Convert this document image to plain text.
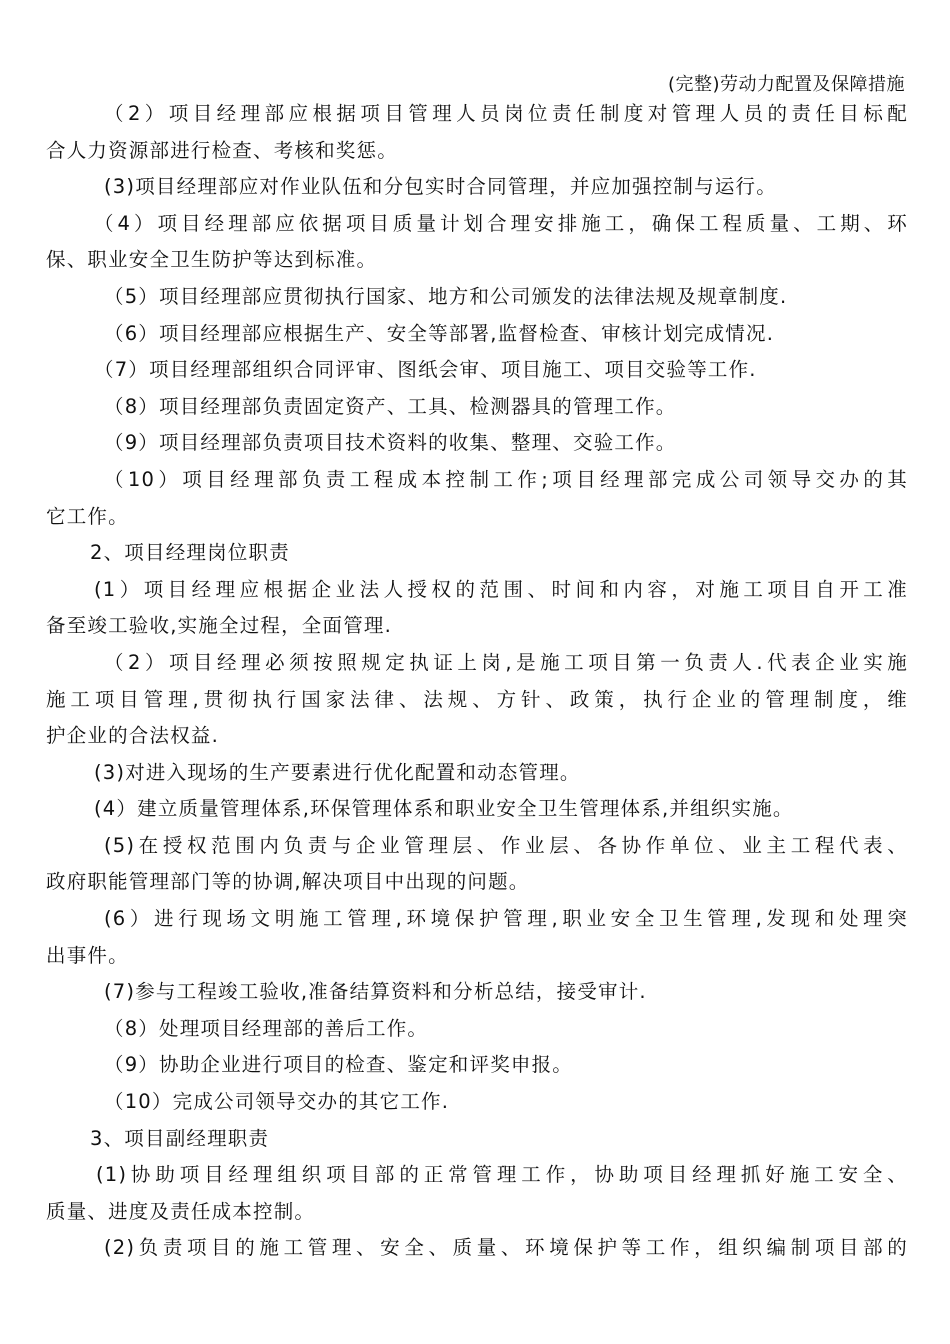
(完整)劳动力配置及保障措施
（2）项目经理部应根据项目管理人员岗位责任制度对管理人员的责任目标配
合人力资源部进行检查、考核和奖惩。
(3)项目经理部应对作业队伍和分包实时合同管理，并应加强控制与运行。
（4）项目经理部应依据项目质量计划合理安排施工，确保工程质量、工期、环
保、职业安全卫生防护等达到标准。
（5）项目经理部应贯彻执行国家、地方和公司颁发的法律法规及规章制度.
（6）项目经理部应根据生产、安全等部署,监督检查、审核计划完成情况.
（7）项目经理部组织合同评审、图纸会审、项目施工、项目交验等工作.
（8）项目经理部负责固定资产、工具、检测器具的管理工作。
（9）项目经理部负责项目技术资料的收集、整理、交验工作。
（10）项目经理部负责工程成本控制工作;项目经理部完成公司领导交办的其
它工作。
2、项目经理岗位职责
(1）项目经理应根据企业法人授权的范围、时间和内容，对施工项目自开工准
备至竣工验收,实施全过程，全面管理.
（2）项目经理必须按照规定执证上岗,是施工项目第一负责人.代表企业实施
施工项目管理,贯彻执行国家法律、法规、方针、政策，执行企业的管理制度，维
护企业的合法权益.
(3)对进入现场的生产要素进行优化配置和动态管理。
(4）建立质量管理体系,环保管理体系和职业安全卫生管理体系,并组织实施。
(5)在授权范围内负责与企业管理层、作业层、各协作单位、业主工程代表、
政府职能管理部门等的协调,解决项目中出现的问题。
(6）进行现场文明施工管理,环境保护管理,职业安全卫生管理,发现和处理突
出事件。
(7)参与工程竣工验收,准备结算资料和分析总结，接受审计.
（8）处理项目经理部的善后工作。
（9）协助企业进行项目的检查、鉴定和评奖申报。
（10）完成公司领导交办的其它工作.
3、项目副经理职责
(1)协助项目经理组织项目部的正常管理工作，协助项目经理抓好施工安全、
质量、进度及责任成本控制。
(2)负责项目的施工管理、安全、质量、环境保护等工作，组织编制项目部的
